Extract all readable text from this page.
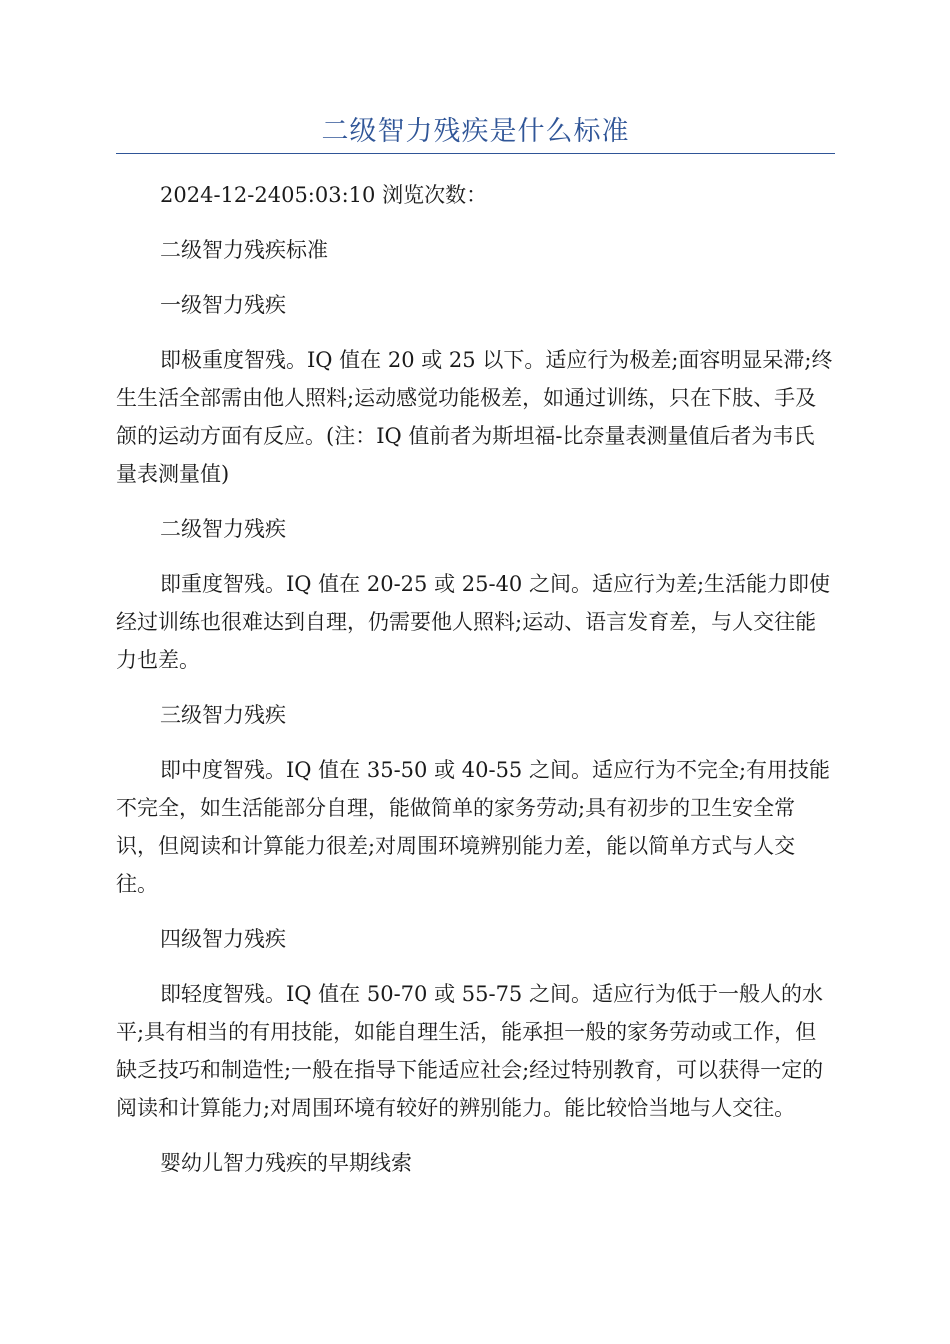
二级智力残疾是什么标准

2024-12-2405:03:10 浏览次数：

二级智力残疾标准

一级智力残疾

即极重度智残。IQ 值在 20 或 25 以下。适应行为极差;面容明显呆滞;终生生活全部需由他人照料;运动感觉功能极差，如通过训练，只在下肢、手及颌的运动方面有反应。(注：IQ 值前者为斯坦福-比奈量表测量值后者为韦氏量表测量值)

二级智力残疾

即重度智残。IQ 值在 20-25 或 25-40 之间。适应行为差;生活能力即使经过训练也很难达到自理，仍需要他人照料;运动、语言发育差，与人交往能力也差。

三级智力残疾

即中度智残。IQ 值在 35-50 或 40-55 之间。适应行为不完全;有用技能不完全，如生活能部分自理，能做简单的家务劳动;具有初步的卫生安全常识，但阅读和计算能力很差;对周围环境辨别能力差，能以简单方式与人交往。

四级智力残疾

即轻度智残。IQ 值在 50-70 或 55-75 之间。适应行为低于一般人的水平;具有相当的有用技能，如能自理生活，能承担一般的家务劳动或工作，但缺乏技巧和制造性;一般在指导下能适应社会;经过特别教育，可以获得一定的阅读和计算能力;对周围环境有较好的辨别能力。能比较恰当地与人交往。

婴幼儿智力残疾的早期线索
